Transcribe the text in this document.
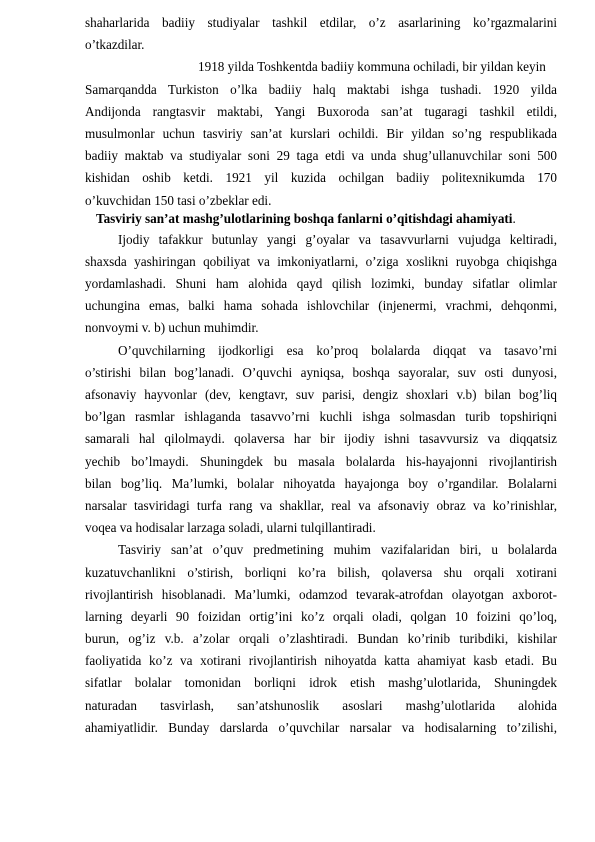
shaharlarida badiiy studiyalar tashkil etdilar, o’z asarlarining ko’rgazmalarini
o’tkazdilar.
1918 yilda Toshkentda badiiy kommuna ochiladi, bir yildan keyin
Samarqandda Turkiston o’lka badiiy halq maktabi ishga tushadi. 1920 yilda
Andijonda rangtasvir maktabi, Yangi Buxoroda san’at tugaragi tashkil etildi,
musulmonlar uchun tasviriy san’at kurslari ochildi. Bir yildan so’ng respublikada
badiiy maktab va studiyalar soni 29 taga etdi va unda shug’ullanuvchilar soni 500
kishidan oshib ketdi. 1921 yil kuzida ochilgan badiiy politexnikumda 170
o’kuvchidan 150 tasi o’zbeklar edi.
Tasviriy san’at mashg’ulotlarining boshqa fanlarni o’qitishdagi ahamiyati.
Ijodiy tafakkur butunlay yangi g’oyalar va tasavvurlarni vujudga keltiradi,
shaxsda yashiringan qobiliyat va imkoniyatlarni, o’ziga xoslikni ruyobga chiqishga
yordamlashadi. Shuni ham alohida qayd qilish lozimki, bunday sifatlar olimlar
uchungina emas, balki hama sohada ishlovchilar (injenermi, vrachmi, dehqonmi,
nonvoymi v. b) uchun muhimdir.
O’quvchilarning ijodkorligi esa ko’proq bolalarda diqqat va tasavo’rni
o’stirishi bilan bog’lanadi. O’quvchi ayniqsa, boshqa sayoralar, suv osti dunyosi,
afsonaviy hayvonlar (dev, kengtavr, suv parisi, dengiz shoxlari v.b) bilan bog’liq
bo’lgan rasmlar ishlaganda tasavvo’rni kuchli ishga solmasdan turib topshiriqni
samarali hal qilolmaydi. qolaversa har bir ijodiy ishni tasavvursiz va diqqatsiz
yechib bo’lmaydi. Shuningdek bu masala bolalarda his-hayajonni rivojlantirish
bilan bog’liq. Ma’lumki, bolalar nihoyatda hayajonga boy o’rgandilar. Bolalarni
narsalar tasviridagi turfa rang va shakllar, real va afsonaviy obraz va ko’rinishlar,
voqea va hodisalar larzaga soladi, ularni tulqillantiradi.
Tasviriy san’at o’quv predmetining muhim vazifalaridan biri, u bolalarda
kuzatuvchanlikni o’stirish, borliqni ko’ra bilish, qolaversa shu orqali xotirani
rivojlantirish hisoblanadi. Ma’lumki, odamzod tevarak-atrofdan olayotgan axborot-
larning deyarli 90 foizidan ortig’ini ko’z orqali oladi, qolgan 10 foizini qo’loq,
burun, og’iz v.b. a’zolar orqali o’zlashtiradi. Bundan ko’rinib turibdiki, kishilar
faoliyatida ko’z va xotirani rivojlantirish nihoyatda katta ahamiyat kasb etadi. Bu
sifatlar bolalar tomonidan borliqni idrok etish mashg’ulotlarida, Shuningdek
naturadan tasvirlash, san’atshunoslik asoslari mashg’ulotlarida alohida
ahamiyatlidir. Bunday darslarda o’quvchilar narsalar va hodisalarning to’zilishi,
